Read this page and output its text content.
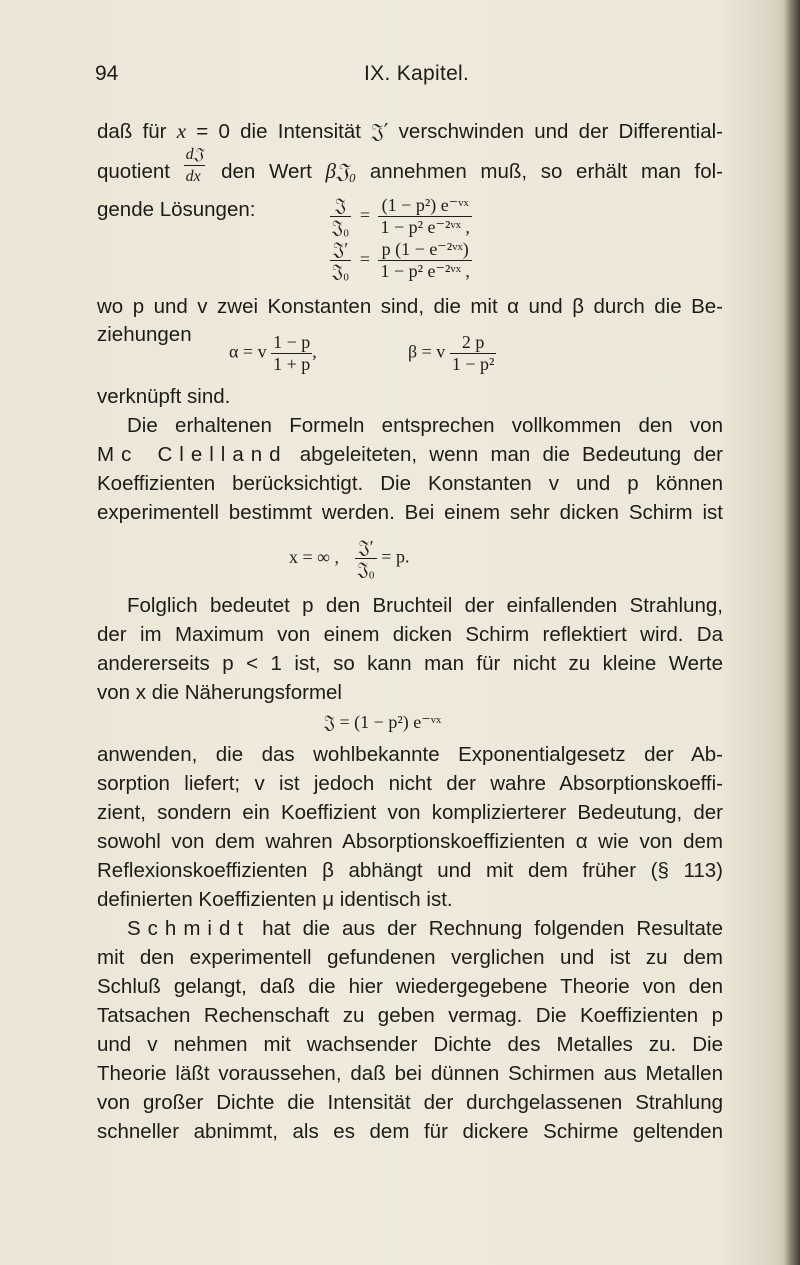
94	IX. Kapitel.
daß für x = 0 die Intensität 𝔍′ verschwinden und der Differential-
quotient $\frac{\text{d𝔍}}{dx}$ den Wert β𝔍₀ annehmen muß, so erhält man fol-
gende Lösungen:	$\frac{\text{𝔍}}{\text{𝔍₀}} = \frac{\text{(1 − p²) e⁻ᵛˣ}}{\text{1 − p² e⁻²ᵛˣ ,}}$
$\frac{\text{𝔍′}}{\text{𝔍₀}} = \frac{\text{p (1 − e⁻²ᵛˣ)}}{\text{1 − p² e⁻²ᵛˣ ,}}$
wo p und v zwei Konstanten sind, die mit α und β durch die Be-
ziehungen
α = v $\frac{1 - p}{1 + p}$ ,	β = v $\frac{2 p}{\text{1 − p²}}$
verknüpft sind.
Die erhaltenen Formeln entsprechen vollkommen den von
Mc Clelland abgeleiteten, wenn man die Bedeutung der
Koeffizienten berücksichtigt. Die Konstanten v und p können
experimentell bestimmt werden. Bei einem sehr dicken Schirm ist
x = ∞ , $\frac{\text{𝔍′}}{\text{𝔍₀}} = p$.
Folglich bedeutet p den Bruchteil der einfallenden Strahlung,
der im Maximum von einem dicken Schirm reflektiert wird. Da
andererseits p < 1 ist, so kann man für nicht zu kleine Werte
von x die Näherungsformel
𝔍 = (1 − p²) e⁻ᵛˣ
anwenden, die das wohlbekannte Exponentialgesetz der Ab-
sorption liefert; v ist jedoch nicht der wahre Absorptionskoeffi-
zient, sondern ein Koeffizient von komplizierterer Bedeutung, der
sowohl von dem wahren Absorptionskoeffizienten α wie von dem
Reflexionskoeffizienten β abhängt und mit dem früher (§ 113)
definierten Koeffizienten μ identisch ist.
Schmidt hat die aus der Rechnung folgenden Resultate
mit den experimentell gefundenen verglichen und ist zu dem
Schluß gelangt, daß die hier wiedergegebene Theorie von den
Tatsachen Rechenschaft zu geben vermag. Die Koeffizienten p
und v nehmen mit wachsender Dichte des Metalles zu. Die
Theorie läßt voraussehen, daß bei dünnen Schirmen aus Metallen
von großer Dichte die Intensität der durchgelassenen Strahlung
schneller abnimmt, als es dem für dickere Schirme geltenden
